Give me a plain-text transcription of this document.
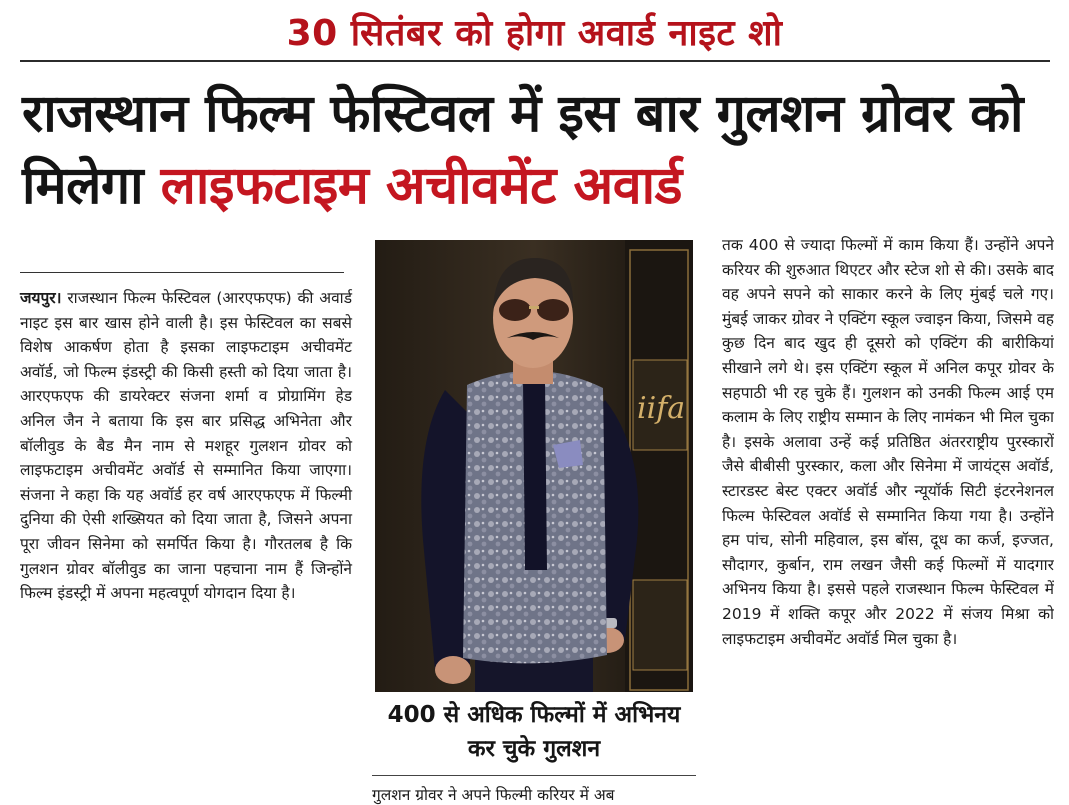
30 सितंबर को होगा अवार्ड नाइट शो
राजस्थान फिल्म फेस्टिवल में इस बार गुलशन ग्रोवर को मिलेगा लाइफटाइम अचीवमेंट अवार्ड
जयपुर। राजस्थान फिल्म फेस्टिवल (आरएफएफ) की अवार्ड नाइट इस बार खास होने वाली है। इस फेस्टिवल का सबसे विशेष आकर्षण होता है इसका लाइफटाइम अचीवमेंट अवॉर्ड, जो फिल्म इंडस्ट्री की किसी हस्ती को दिया जाता है। आरएफएफ की डायरेक्टर संजना शर्मा व प्रोग्रामिंग हेड अनिल जैन ने बताया कि इस बार प्रसिद्ध अभिनेता और बॉलीवुड के बैड मैन नाम से मशहूर गुलशन ग्रोवर को लाइफटाइम अचीवमेंट अवॉर्ड से सम्मानित किया जाएगा। संजना ने कहा कि यह अवॉर्ड हर वर्ष आरएफएफ में फिल्मी दुनिया की ऐसी शख्सियत को दिया जाता है, जिसने अपना पूरा जीवन सिनेमा को समर्पित किया है। गौरतलब है कि गुलशन ग्रोवर बॉलीवुड का जाना पहचाना नाम हैं जिन्होंने फिल्म इंडस्ट्री में अपना महत्वपूर्ण योगदान दिया है।
iifa
400 से अधिक फिल्मों में अभिनय कर चुके गुलशन
गुलशन ग्रोवर ने अपने फिल्मी करियर में अब
तक 400 से ज्यादा फिल्मों में काम किया हैं। उन्होंने अपने करियर की शुरुआत थिएटर और स्टेज शो से की। उसके बाद वह अपने सपने को साकार करने के लिए मुंबई चले गए। मुंबई जाकर ग्रोवर ने एक्टिंग स्कूल ज्वाइन किया, जिसमे वह कुछ दिन बाद खुद ही दूसरो को एक्टिंग की बारीकियां सीखाने लगे थे। इस एक्टिंग स्कूल में अनिल कपूर ग्रोवर के सहपाठी भी रह चुके हैं। गुलशन को उनकी फिल्म आई एम कलाम के लिए राष्ट्रीय सम्मान के लिए नामंकन भी मिल चुका है। इसके अलावा उन्हें कई प्रतिष्ठित अंतरराष्ट्रीय पुरस्कारों जैसे बीबीसी पुरस्कार, कला और सिनेमा में जायंट्स अवॉर्ड, स्टारडस्ट बेस्ट एक्टर अवॉर्ड और न्यूयॉर्क सिटी इंटरनेशनल फिल्म फेस्टिवल अवॉर्ड से सम्मानित किया गया है। उन्होंने हम पांच, सोनी महिवाल, इस बॉस, दूध का कर्ज, इज्जत, सौदागर, कुर्बान, राम लखन जैसी कई फिल्मों में यादगार अभिनय किया है। इससे पहले राजस्थान फिल्म फेस्टिवल में 2019 में शक्ति कपूर और 2022 में संजय मिश्रा को लाइफटाइम अचीवमेंट अवॉर्ड मिल चुका है।
